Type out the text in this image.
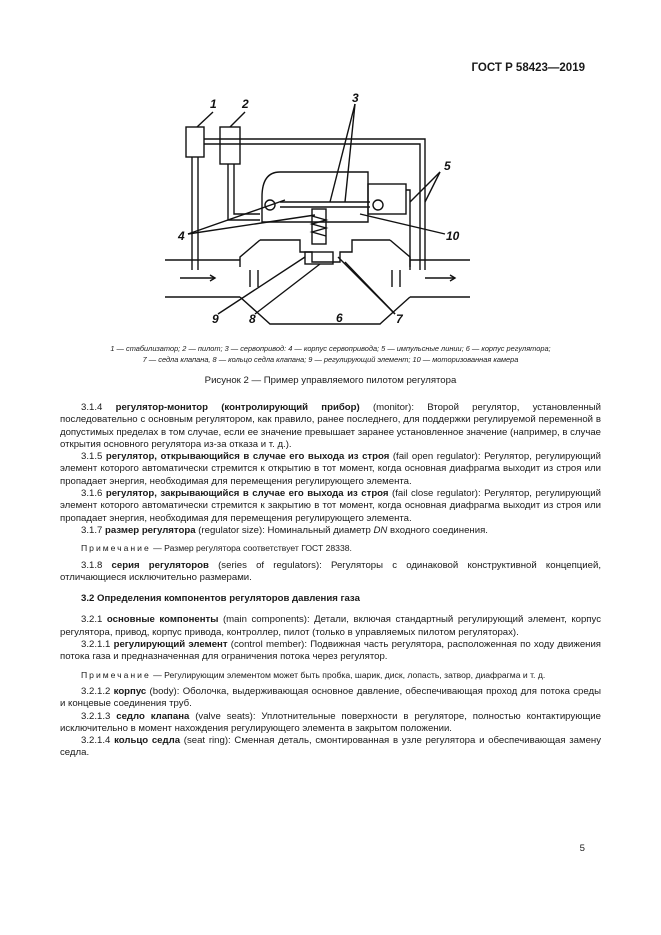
ГОСТ Р 58423—2019
1 2	3
4
5
6	7
8
9
10
1 — стабилизатор; 2 — пилот; 3 — сервопривод: 4 — корпус сервопривода; 5 — импульсные линии; 6 — корпус регулятора;
7 — седла клапана, 8 — кольцо седла клапана; 9 — регулирующий элемент; 10 — моторизованная камера
Рисунок 2 — Пример управляемого пилотом регулятора

3.1.4 регулятор-монитор (контролирующий прибор) (monitor): Второй регулятор, установленный последовательно с основным регулятором, как правило, ранее последнего, для поддержки регулируемой переменной в допустимых пределах в том случае, если ее значение превышает заранее установленное значение (например, в случае открытия основного регулятора из-за отказа и т. д.).

3.1.5 регулятор, открывающийся в случае его выхода из строя (fail open regulator): Регулятор, регулирующий элемент которого автоматически стремится к открытию в тот момент, когда основная диафрагма выходит из строя или пропадает энергия, необходимая для перемещения регулирующего элемента.

3.1.6 регулятор, закрывающийся в случае его выхода из строя (fail close regulator): Регулятор, регулирующий элемент которого автоматически стремится к закрытию в тот момент, когда основная диафрагма выходит из строя или пропадает энергия, необходимая для перемещения регулирующего элемента.

3.1.7 размер регулятора (regulator size): Номинальный диаметр DN входного соединения.

Примечание — Размер регулятора соответствует ГОСТ 28338.

3.1.8 серия регуляторов (series of regulators): Регуляторы с одинаковой конструктивной концепцией, отличающиеся исключительно размерами.

3.2 Определения компонентов регуляторов давления газа

3.2.1 основные компоненты (main components): Детали, включая стандартный регулирующий элемент, корпус регулятора, привод, корпус привода, контроллер, пилот (только в управляемых пилотом регуляторах).

3.2.1.1 регулирующий элемент (control member): Подвижная часть регулятора, расположенная по ходу движения потока газа и предназначенная для ограничения потока через регулятор.

Примечание — Регулирующим элементом может быть пробка, шарик, диск, лопасть, затвор, диафрагма и т. д.

3.2.1.2 корпус (body): Оболочка, выдерживающая основное давление, обеспечивающая проход для потока среды и концевые соединения труб.

3.2.1.3 седло клапана (valve seats): Уплотнительные поверхности в регуляторе, полностью контактирующие исключительно в момент нахождения регулирующего элемента в закрытом положении.

3.2.1.4 кольцо седла (seat ring): Сменная деталь, смонтированная в узле регулятора и обеспечивающая замену седла.

5
